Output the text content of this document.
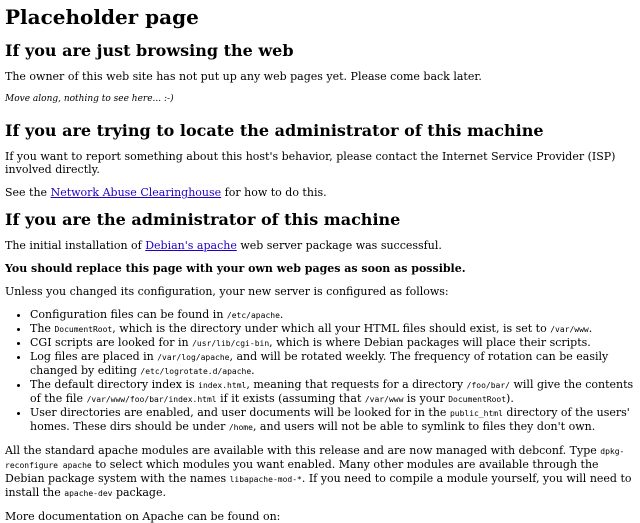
Placeholder page
If you are just browsing the web

The owner of this web site has not put up any web pages yet. Please come back later.

Move along, nothing to see here... :-)

If you are trying to locate the administrator of this machine

If you want to report something about this host's behavior, please contact the Internet Service Provider (ISP) involved directly.

See the Network Abuse Clearinghouse for how to do this.

If you are the administrator of this machine

The initial installation of Debian's apache web server package was successful.

You should replace this page with your own web pages as soon as possible.

Unless you changed its configuration, your new server is configured as follows:

• Configuration files can be found in /etc/apache.
• The DocumentRoot, which is the directory under which all your HTML files should exist, is set to /var/www.
• CGI scripts are looked for in /usr/lib/cgi-bin, which is where Debian packages will place their scripts.
• Log files are placed in /var/log/apache, and will be rotated weekly. The frequency of rotation can be easily changed by editing /etc/logrotate.d/apache.
• The default directory index is index.html, meaning that requests for a directory /foo/bar/ will give the contents of the file /var/www/foo/bar/index.html if it exists (assuming that /var/www is your DocumentRoot).
• User directories are enabled, and user documents will be looked for in the public_html directory of the users' homes. These dirs should be under /home, and users will not be able to symlink to files they don't own.

All the standard apache modules are available with this release and are now managed with debconf. Type dpkg-reconfigure apache to select which modules you want enabled. Many other modules are available through the Debian package system with the names libapache-mod-*. If you need to compile a module yourself, you will need to install the apache-dev package.

More documentation on Apache can be found on:
